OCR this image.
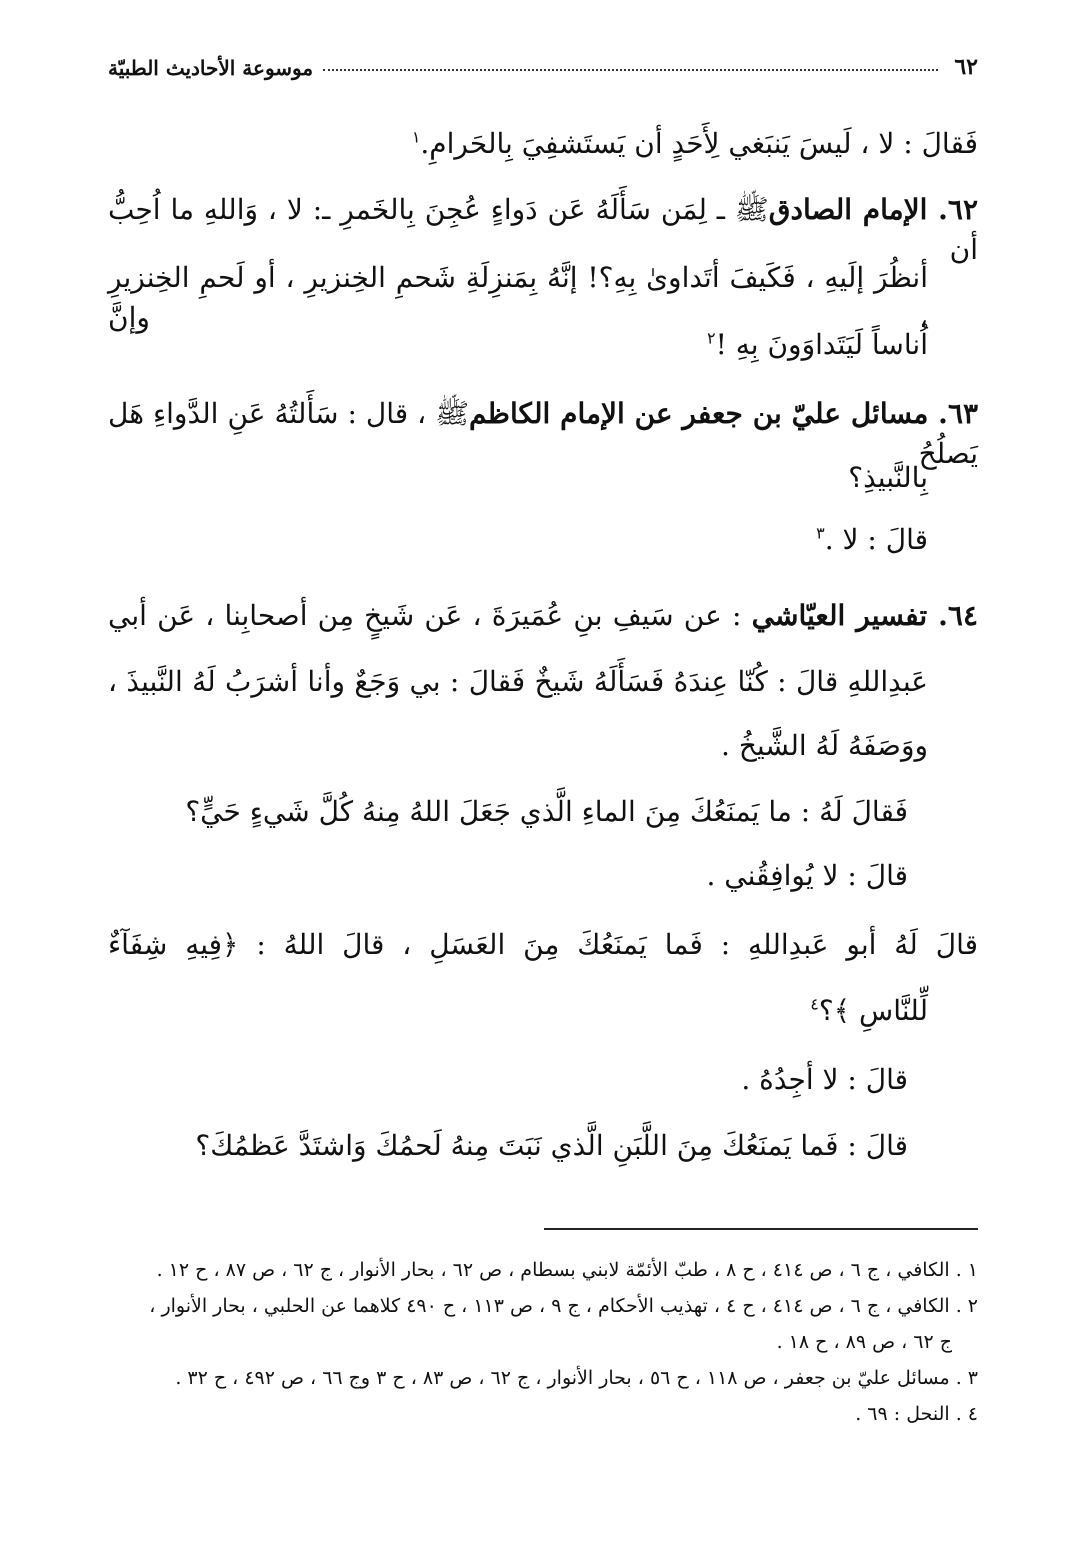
٦٢
موسوعة الأحاديث الطبيّة
فَقالَ : لا ، لَيسَ يَنبَغي لِأَحَدٍ أن يَستَشفِيَ بِالحَرامِ.$^١$
٦٢. الإمام الصادقﷺ ـ لِمَن سَأَلَهُ عَن دَواءٍ عُجِنَ بِالخَمرِ ـ: لا ، وَاللهِ ما اُحِبُّ أن
أنظُرَ إلَيهِ ، فَكَيفَ أتَداوىٰ بِهِ؟! إنَّهُ بِمَنزِلَةِ شَحمِ الخِنزيرِ ، أو لَحمِ الخِنزيرِ ، وإنَّ
اُناساً لَيَتَداوَونَ بِهِ !$^٢$
٦٣. مسائل عليّ بن جعفر عن الإمام الكاظمﷺ ، قال : سَأَلتُهُ عَنِ الدَّواءِ هَل يَصلُحُ
بِالنَّبيذِ؟
قالَ : لا .$^٣$
٦٤. تفسير العيّاشي : عن سَيفِ بنِ عُمَيرَةَ ، عَن شَيخٍ مِن أصحابِنا ، عَن أبي
عَبدِاللهِ قالَ : كُنّا عِندَهُ فَسَأَلَهُ شَيخٌ فَقالَ : بي وَجَعٌ وأنا أشرَبُ لَهُ النَّبيذَ ،
ووَصَفَهُ لَهُ الشَّيخُ .
فَقالَ لَهُ : ما يَمنَعُكَ مِنَ الماءِ الَّذي جَعَلَ اللهُ مِنهُ كُلَّ شَيءٍ حَيٍّ؟
قالَ : لا يُوافِقُني .
قالَ لَهُ أبو عَبدِاللهِ : فَما يَمنَعُكَ مِنَ العَسَلِ ، قالَ اللهُ : ﴿فِيهِ شِفَآءٌ
لِّلنَّاسِ ﴾؟$^٤$
قالَ : لا أجِدُهُ .
قالَ : فَما يَمنَعُكَ مِنَ اللَّبَنِ الَّذي نَبَتَ مِنهُ لَحمُكَ وَاشتَدَّ عَظمُكَ؟
١ . الكافي ، ج ٦ ، ص ٤١٤ ، ح ٨ ، طبّ الأئمّة لابني بسطام ، ص ٦٢ ، بحار الأنوار ، ج ٦٢ ، ص ٨٧ ، ح ١٢ .
٢ . الكافي ، ج ٦ ، ص ٤١٤ ، ح ٤ ، تهذيب الأحكام ، ج ٩ ، ص ١١٣ ، ح ٤٩٠ كلاهما عن الحلبي ، بحار الأنوار ،
ج ٦٢ ، ص ٨٩ ، ح ١٨ .
٣ . مسائل عليّ بن جعفر ، ص ١١٨ ، ح ٥٦ ، بحار الأنوار ، ج ٦٢ ، ص ٨٣ ، ح ٣ وج ٦٦ ، ص ٤٩٢ ، ح ٣٢ .
٤ . النحل : ٦٩ .
